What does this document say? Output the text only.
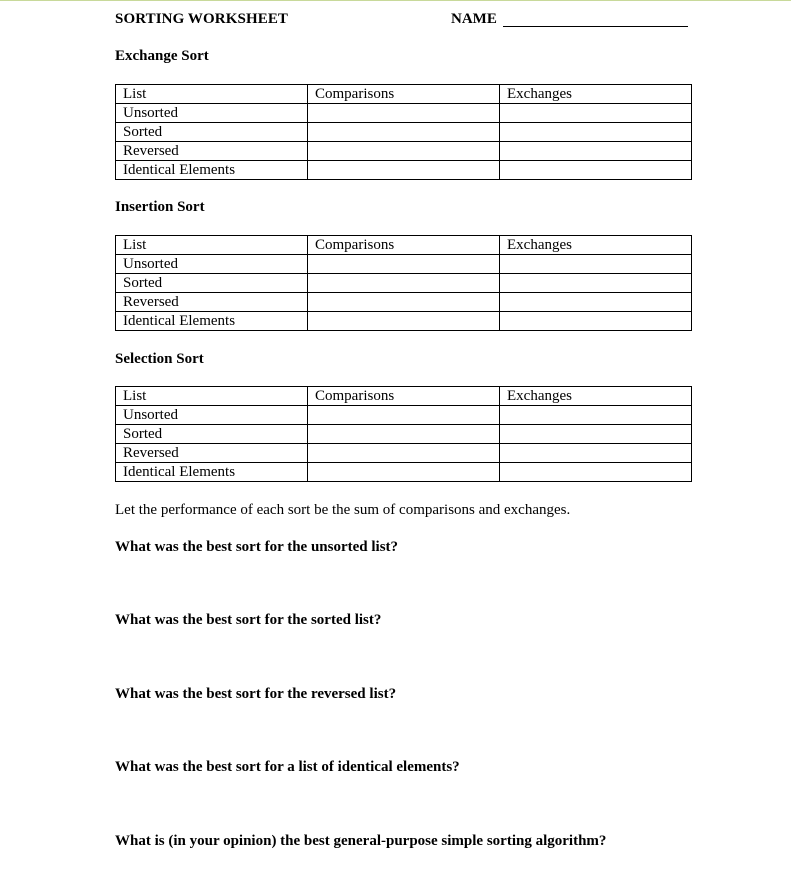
SORTING WORKSHEET	NAME
Exchange Sort
List	Comparisons	Exchanges
Unsorted		
Sorted		
Reversed		
Identical Elements		
Insertion Sort
List	Comparisons	Exchanges
Unsorted		
Sorted		
Reversed		
Identical Elements		
Selection Sort
List	Comparisons	Exchanges
Unsorted		
Sorted		
Reversed		
Identical Elements		
Let the performance of each sort be the sum of comparisons and exchanges.
What was the best sort for the unsorted list?
What was the best sort for the sorted list?
What was the best sort for the reversed list?
What was the best sort for a list of identical elements?
What is (in your opinion) the best general-purpose simple sorting algorithm?
